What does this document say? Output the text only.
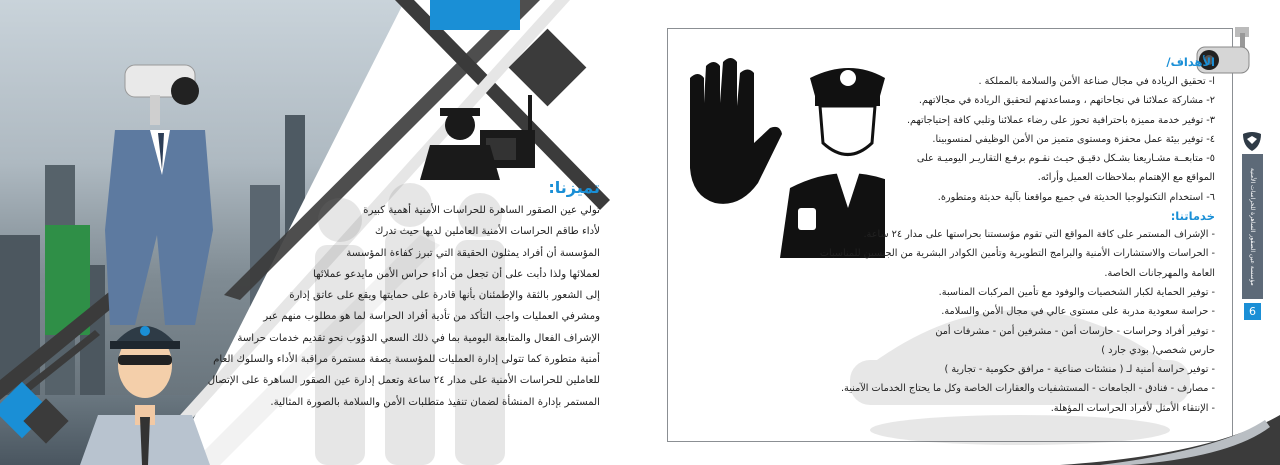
تميزنا:
تولي عين الصقور الساهرة للحراسات الأمنية أهمية كبيرة
لأداء طاقم الحراسات الأمنية العاملين لديها حيث تدرك
المؤسسة أن أفراد يمثلون الحقيقة التي تبرز كفاءة المؤسسة
لعملائها ولذا دأبت على أن تجعل من أداء حراس الأمن مايدعو عملائها
إلى الشعور بالثقة والإطمئنان بأنها قادرة على حمايتها ويقع على عاتق إدارة
ومشرفي العمليات واجب التأكد من تأدية أفراد الحراسة لما هو مطلوب منهم عبر
الإشراف الفعال والمتابعة اليومية بما في ذلك السعي الدؤوب نحو تقديم خدمات حراسة
أمنية متطورة كما تتولى إدارة العمليات للمؤسسة بصفة مستمرة مراقبة الأداء والسلوك العام
للعاملين للحراسات الأمنية على مدار ٢٤ ساعة وتعمل إدارة عين الصقور الساهرة على الإتصال
المستمر بإدارة المنشأة لضمان تنفيذ متطلبات الأمن والسلامة بالصورة المثالية.
مؤسسة عين الصقور الساهرة للحراسات الأمنية
6
الأهداف/

ا- تحقيق الريادة في مجال صناعة الأمن والسلامة بالمملكة .

٢- مشاركة عملائنا في نجاحاتهم ، ومساعدتهم لتحقيق الريادة في مجالاتهم.

٣- توفير خدمة مميزة باحترافية تحوز على رضاء عملائنا وتلبي كافة إحتياجاتهم.

٤- توفير بيئة عمل محفزة ومستوى متميز من الأمن الوظيفي لمنسوبينا.

٥- متابعــة مشـاريعنا بشـكل دقيـق حيـث نقـوم برفـع التقاريـر اليوميـة على

المواقع مع الإهتمام بملاحظات العميل وأرائه.

٦- استخدام التكنولوجيا الحديثة في جميع مواقعنا بآلية حديثة ومتطورة.

خدماتنا:

- الإشراف المستمر على كافة المواقع التي تقوم مؤسستنا بحراستها على مدار ٢٤ ساعة.

- الحراسات والاستشارات الأمنية والبرامج التطويرية وتأمين الكوادر البشرية من الجنسين للمناسبات

العامة والمهرجانات الخاصة.

- توفير الحماية لكبار الشخصيات والوفود مع تأمين المركبات المناسبة.

- حراسة سعودية مدربة على مستوى عالي في مجال الأمن والسلامة.

- توفير أفراد وحراسات - حارسات أمن - مشرفين أمن - مشرفات أمن

حارس شخصي( بودي جارد )

- توفير حراسة أمنية لـ ( منشئات صناعية - مرافق حكومية - تجارية )

- مصارف - فنادق - الجامعات - المستشفيات والعقارات الخاصة وكل ما يحتاج الخدمات الآمنية.

- الإنتقاء الأمثل لأفراد الحراسات المؤهلة.
